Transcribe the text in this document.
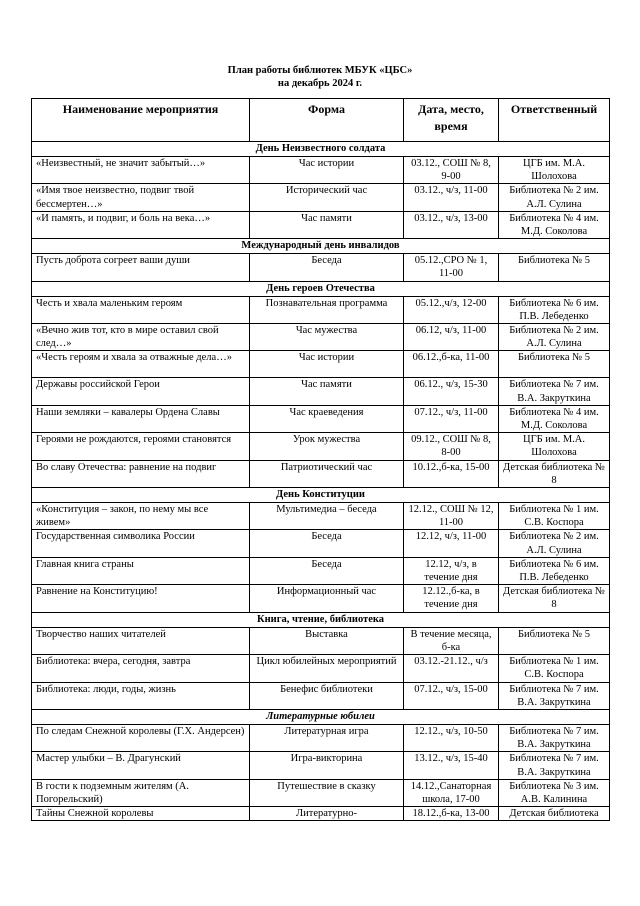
План работы библиотек МБУК «ЦБС»
на декабрь 2024 г.
Наименование мероприятия	Форма	Дата, место, время	Ответственный
День Неизвестного солдата			
«Неизвестный, не значит забытый…»	Час истории	03.12., СОШ № 8, 9-00	ЦГБ им. М.А. Шолохова
«Имя твое неизвестно, подвиг твой бессмертен…»	Исторический час	03.12., ч/з, 11-00	Библиотека № 2 им. А.Л. Сулина
«И память, и подвиг, и боль на века…»	Час памяти	03.12., ч/з, 13-00	Библиотека № 4 им. М.Д. Соколова
Международный день инвалидов			
Пусть доброта согреет ваши души	Беседа	05.12.,СРО № 1, 11-00	Библиотека № 5
День героев Отечества			
Честь и хвала маленьким героям	Познавательная программа	05.12.,ч/з, 12-00	Библиотека № 6 им. П.В. Лебеденко
«Вечно жив тот, кто в мире оставил свой след…»	Час мужества	06.12, ч/з, 11-00	Библиотека № 2 им. А.Л. Сулина
«Честь героям и хвала за отважные дела…»	Час истории	06.12.,б-ка, 11-00	Библиотека № 5
Державы российской Герои	Час памяти	06.12., ч/з, 15-30	Библиотека № 7 им. В.А. Закруткина
Наши земляки – кавалеры Ордена Славы	Час краеведения	07.12., ч/з, 11-00	Библиотека № 4 им. М.Д. Соколова
Героями не рождаются, героями становятся	Урок мужества	09.12., СОШ № 8, 8-00	ЦГБ им. М.А. Шолохова
Во славу Отечества: равнение на подвиг	Патриотический час	10.12.,б-ка, 15-00	Детская библиотека № 8
День Конституции			
«Конституция – закон, по нему мы все живем»	Мультимедиа – беседа	12.12., СОШ № 12, 11-00	Библиотека № 1 им. С.В. Коспора
Государственная символика России	Беседа	12.12, ч/з, 11-00	Библиотека № 2 им. А.Л. Сулина
Главная книга страны	Беседа	12.12, ч/з, в течение дня	Библиотека № 6 им. П.В. Лебеденко
Равнение на Конституцию!	Информационный час	12.12.,б-ка, в течение дня	Детская библиотека № 8
Книга, чтение, библиотека			
Творчество наших читателей	Выставка	В течение месяца, б-ка	Библиотека № 5
Библиотека: вчера, сегодня, завтра	Цикл юбилейных мероприятий	03.12.-21.12., ч/з	Библиотека № 1 им. С.В. Коспора
Библиотека: люди, годы, жизнь	Бенефис библиотеки	07.12., ч/з, 15-00	Библиотека № 7 им. В.А. Закруткина
Литературные юбилеи			
По следам Снежной королевы (Г.Х. Андерсен)	Литературная игра	12.12., ч/з, 10-50	Библиотека № 7 им. В.А. Закруткина
Мастер улыбки – В. Драгунский	Игра-викторина	13.12., ч/з, 15-40	Библиотека № 7 им. В.А. Закруткина
В гости к подземным жителям (А. Погорельский)	Путешествие в сказку	14.12.,Санаторная школа, 17-00	Библиотека № 3 им. А.В. Калинина
Тайны Снежной королевы	Литературно-	18.12.,б-ка, 13-00	Детская библиотека
